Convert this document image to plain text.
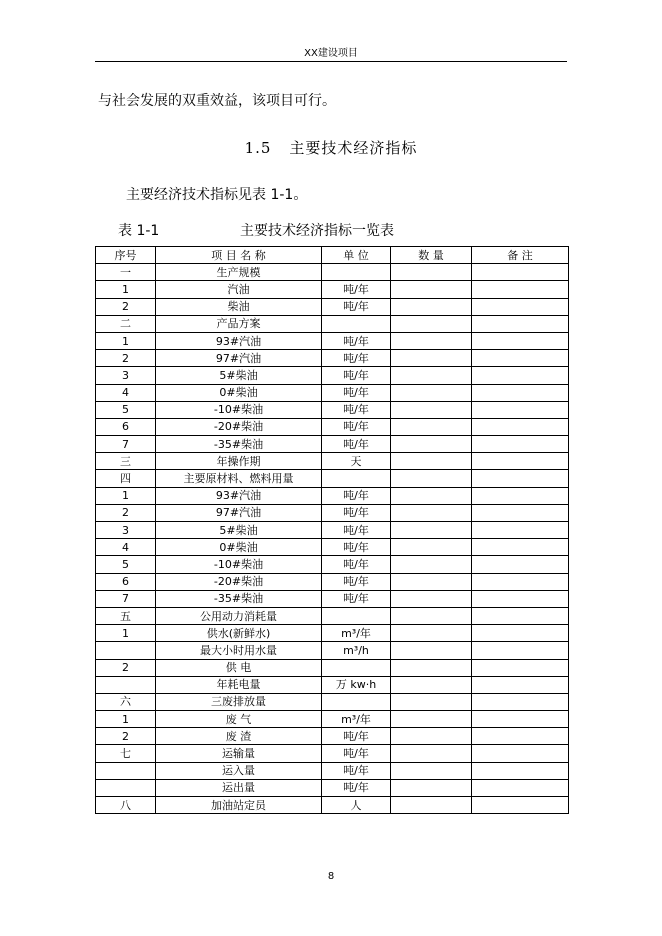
XX建设项目
与社会发展的双重效益，该项目可行。
1.5 主要技术经济指标
主要经济技术指标见表 1-1。
表 1-1	主要技术经济指标一览表
序号	项 目 名 称	单 位	数 量	备 注
一	生产规模			
1	汽油	吨/年		
2	柴油	吨/年		
二	产品方案			
1	93#汽油	吨/年		
2	97#汽油	吨/年		
3	5#柴油	吨/年		
4	0#柴油	吨/年		
5	-10#柴油	吨/年		
6	-20#柴油	吨/年		
7	-35#柴油	吨/年		
三	年操作期	天		
四	主要原材料、燃料用量			
1	93#汽油	吨/年		
2	97#汽油	吨/年		
3	5#柴油	吨/年		
4	0#柴油	吨/年		
5	-10#柴油	吨/年		
6	-20#柴油	吨/年		
7	-35#柴油	吨/年		
五	公用动力消耗量			
1	供水(新鲜水)	m³/年		
	最大小时用水量	m³/h		
2	供 电			
	年耗电量	万 kw·h		
六	三废排放量			
1	废 气	m³/年		
2	废 渣	吨/年		
七	运输量	吨/年		
	运入量	吨/年		
	运出量	吨/年		
八	加油站定员	人		
8
